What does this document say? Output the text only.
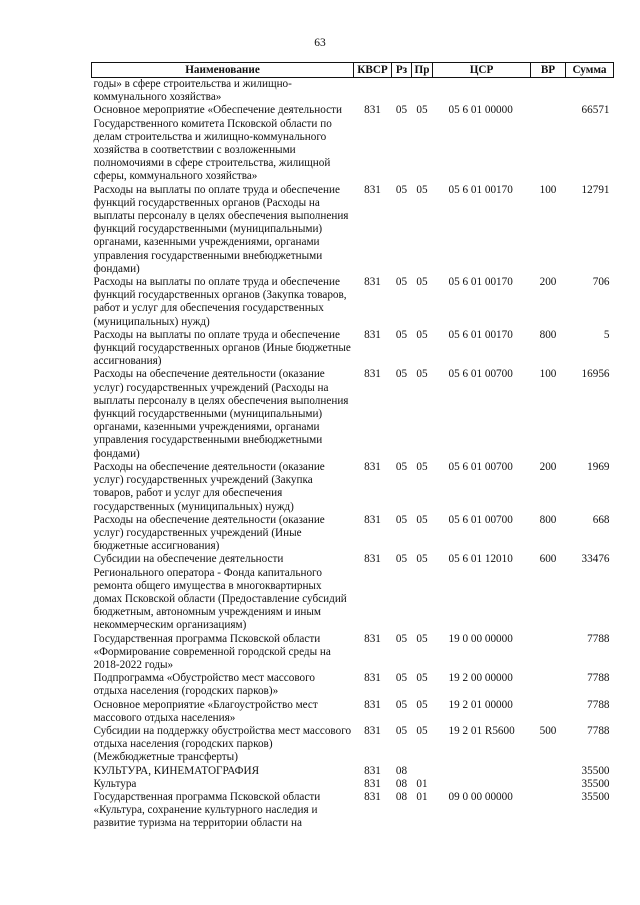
63
Наименование	КВСР	Рз	Пр	ЦСР	ВР	Сумма
годы» в сфере строительства и жилищно-коммунального хозяйства»						
Основное мероприятие «Обеспечение деятельности Государственного комитета Псковской области по делам строительства и жилищно-коммунального хозяйства в соответствии с возложенными полномочиями в сфере строительства, жилищной сферы, коммунального хозяйства»	831	05	05	05 6 01 00000		66571
Расходы на выплаты по оплате труда и обеспечение функций государственных органов (Расходы на выплаты персоналу в целях обеспечения выполнения функций государственными (муниципальными) органами, казенными учреждениями, органами управления государственными внебюджетными фондами)	831	05	05	05 6 01 00170	100	12791
Расходы на выплаты по оплате труда и обеспечение функций государственных органов (Закупка товаров, работ и услуг для обеспечения государственных (муниципальных) нужд)	831	05	05	05 6 01 00170	200	706
Расходы на выплаты по оплате труда и обеспечение функций государственных органов (Иные бюджетные ассигнования)	831	05	05	05 6 01 00170	800	5
Расходы на обеспечение деятельности (оказание услуг) государственных учреждений (Расходы на выплаты персоналу в целях обеспечения выполнения функций государственными (муниципальными) органами, казенными учреждениями, органами управления государственными внебюджетными фондами)	831	05	05	05 6 01 00700	100	16956
Расходы на обеспечение деятельности (оказание услуг) государственных учреждений (Закупка товаров, работ и услуг для обеспечения государственных (муниципальных) нужд)	831	05	05	05 6 01 00700	200	1969
Расходы на обеспечение деятельности (оказание услуг) государственных учреждений (Иные бюджетные ассигнования)	831	05	05	05 6 01 00700	800	668
Субсидии на обеспечение деятельности Регионального оператора - Фонда капитального ремонта общего имущества в многоквартирных домах Псковской области (Предоставление субсидий бюджетным, автономным учреждениям и иным некоммерческим организациям)	831	05	05	05 6 01 12010	600	33476
Государственная программа Псковской области «Формирование современной городской среды на 2018-2022 годы»	831	05	05	19 0 00 00000		7788
Подпрограмма «Обустройство мест массового отдыха населения (городских парков)»	831	05	05	19 2 00 00000		7788
Основное мероприятие «Благоустройство мест массового отдыха населения»	831	05	05	19 2 01 00000		7788
Субсидии на поддержку обустройства мест массового отдыха населения (городских парков) (Межбюджетные трансферты)	831	05	05	19 2 01 R5600	500	7788
КУЛЬТУРА, КИНЕМАТОГРАФИЯ	831	08				35500
Культура	831	08	01			35500
Государственная программа Псковской области «Культура, сохранение культурного наследия и развитие туризма на территории области на	831	08	01	09 0 00 00000		35500
